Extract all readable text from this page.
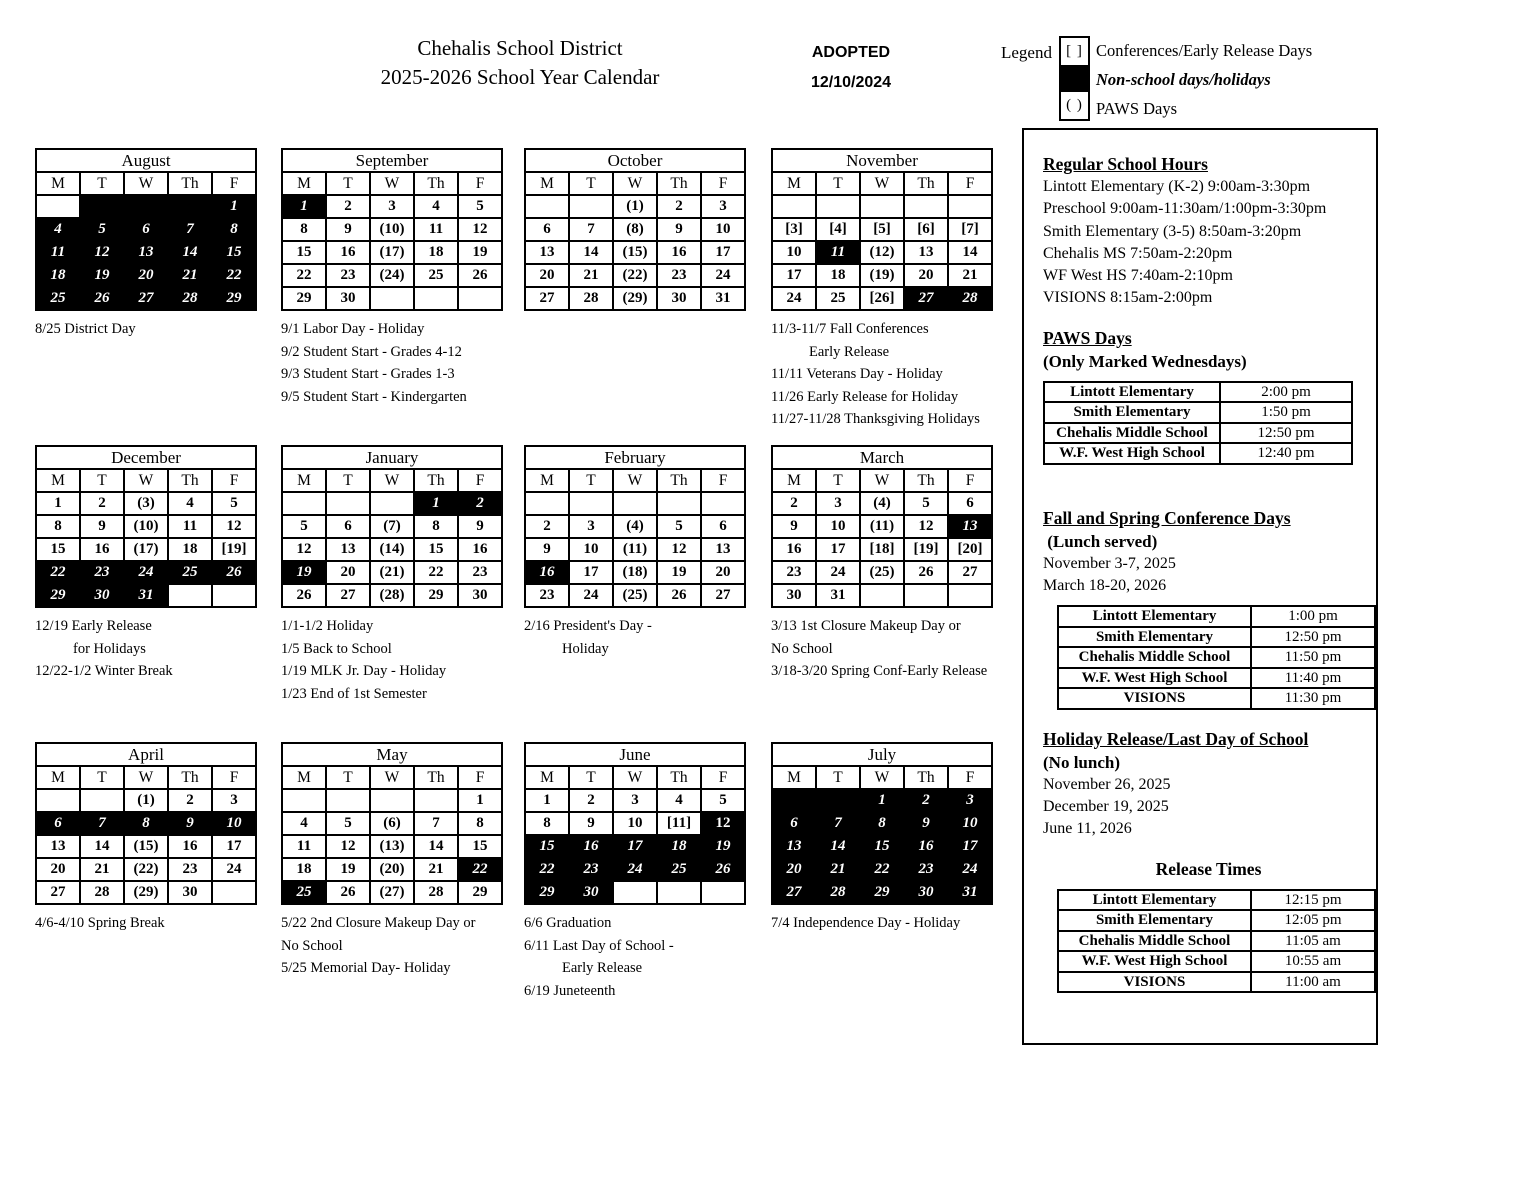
Chehalis School District
2025-2026 School Year Calendar
ADOPTED
12/10/2024
Legend [ ]
( )
Conferences/Early Release Days
Non-school days/holidays
PAWS Days
August				
M	T	W	Th	F
				1
4	5	6	7	8
11	12	13	14	15
18	19	20	21	22
25	26	27	28	29
8/25 District Day
September				
M	T	W	Th	F
1	2	3	4	5
8	9	(10)	11	12
15	16	(17)	18	19
22	23	(24)	25	26
29	30			
9/1 Labor Day - Holiday
9/2 Student Start - Grades 4-12
9/3 Student Start - Grades 1-3
9/5 Student Start - Kindergarten
October				
M	T	W	Th	F
		(1)	2	3
6	7	(8)	9	10
13	14	(15)	16	17
20	21	(22)	23	24
27	28	(29)	30	31
November				
M	T	W	Th	F

[3]	[4]	[5]	[6]	[7]
10	11	(12)	13	14
17	18	(19)	20	21
24	25	[26]	27	28
11/3-11/7 Fall Conferences
Early Release
11/11 Veterans Day - Holiday
11/26 Early Release for Holiday
11/27-11/28 Thanksgiving Holidays
December				
M	T	W	Th	F
1	2	(3)	4	5
8	9	(10)	11	12
15	16	(17)	18	[19]
22	23	24	25	26
29	30	31		
12/19 Early Release
for Holidays
12/22-1/2 Winter Break
January				
M	T	W	Th	F
			1	2
5	6	(7)	8	9
12	13	(14)	15	16
19	20	(21)	22	23
26	27	(28)	29	30
1/1-1/2 Holiday
1/5 Back to School
1/19 MLK Jr. Day - Holiday
1/23 End of 1st Semester
February				
M	T	W	Th	F

2	3	(4)	5	6
9	10	(11)	12	13
16	17	(18)	19	20
23	24	(25)	26	27
2/16 President's Day -
Holiday
March				
M	T	W	Th	F
2	3	(4)	5	6
9	10	(11)	12	13
16	17	[18]	[19]	[20]
23	24	(25)	26	27
30	31			
3/13 1st Closure Makeup Day or
No School
3/18-3/20 Spring Conf-Early Release
April				
M	T	W	Th	F
		(1)	2	3
6	7	8	9	10
13	14	(15)	16	17
20	21	(22)	23	24
27	28	(29)	30	
4/6-4/10 Spring Break
May				
M	T	W	Th	F
				1
4	5	(6)	7	8
11	12	(13)	14	15
18	19	(20)	21	22
25	26	(27)	28	29
5/22 2nd Closure Makeup Day or
No School
5/25 Memorial Day- Holiday
June				
M	T	W	Th	F
1	2	3	4	5
8	9	10	[11]	12
15	16	17	18	19
22	23	24	25	26
29	30			
6/6 Graduation
6/11 Last Day of School -
Early Release
6/19 Juneteenth
July				
M	T	W	Th	F
		1	2	3
6	7	8	9	10
13	14	15	16	17
20	21	22	23	24
27	28	29	30	31
7/4 Independence Day - Holiday
Regular School Hours
Lintott Elementary (K-2) 9:00am-3:30pm
Preschool 9:00am-11:30am/1:00pm-3:30pm
Smith Elementary (3-5) 8:50am-3:20pm
Chehalis MS 7:50am-2:20pm
WF West HS 7:40am-2:10pm
VISIONS 8:15am-2:00pm
PAWS Days
(Only Marked Wednesdays)
Lintott Elementary	2:00 pm
Smith Elementary	1:50 pm
Chehalis Middle School	12:50 pm
W.F. West High School	12:40 pm
Fall and Spring Conference Days
(Lunch served)
November 3-7, 2025
March 18-20, 2026
Lintott Elementary	1:00 pm
Smith Elementary	12:50 pm
Chehalis Middle School	11:50 pm
W.F. West High School	11:40 pm
VISIONS	11:30 pm
Holiday Release/Last Day of School
(No lunch)
November 26, 2025
December 19, 2025
June 11, 2026
Release Times
Lintott Elementary	12:15 pm
Smith Elementary	12:05 pm
Chehalis Middle School	11:05 am
W.F. West High School	10:55 am
VISIONS	11:00 am
